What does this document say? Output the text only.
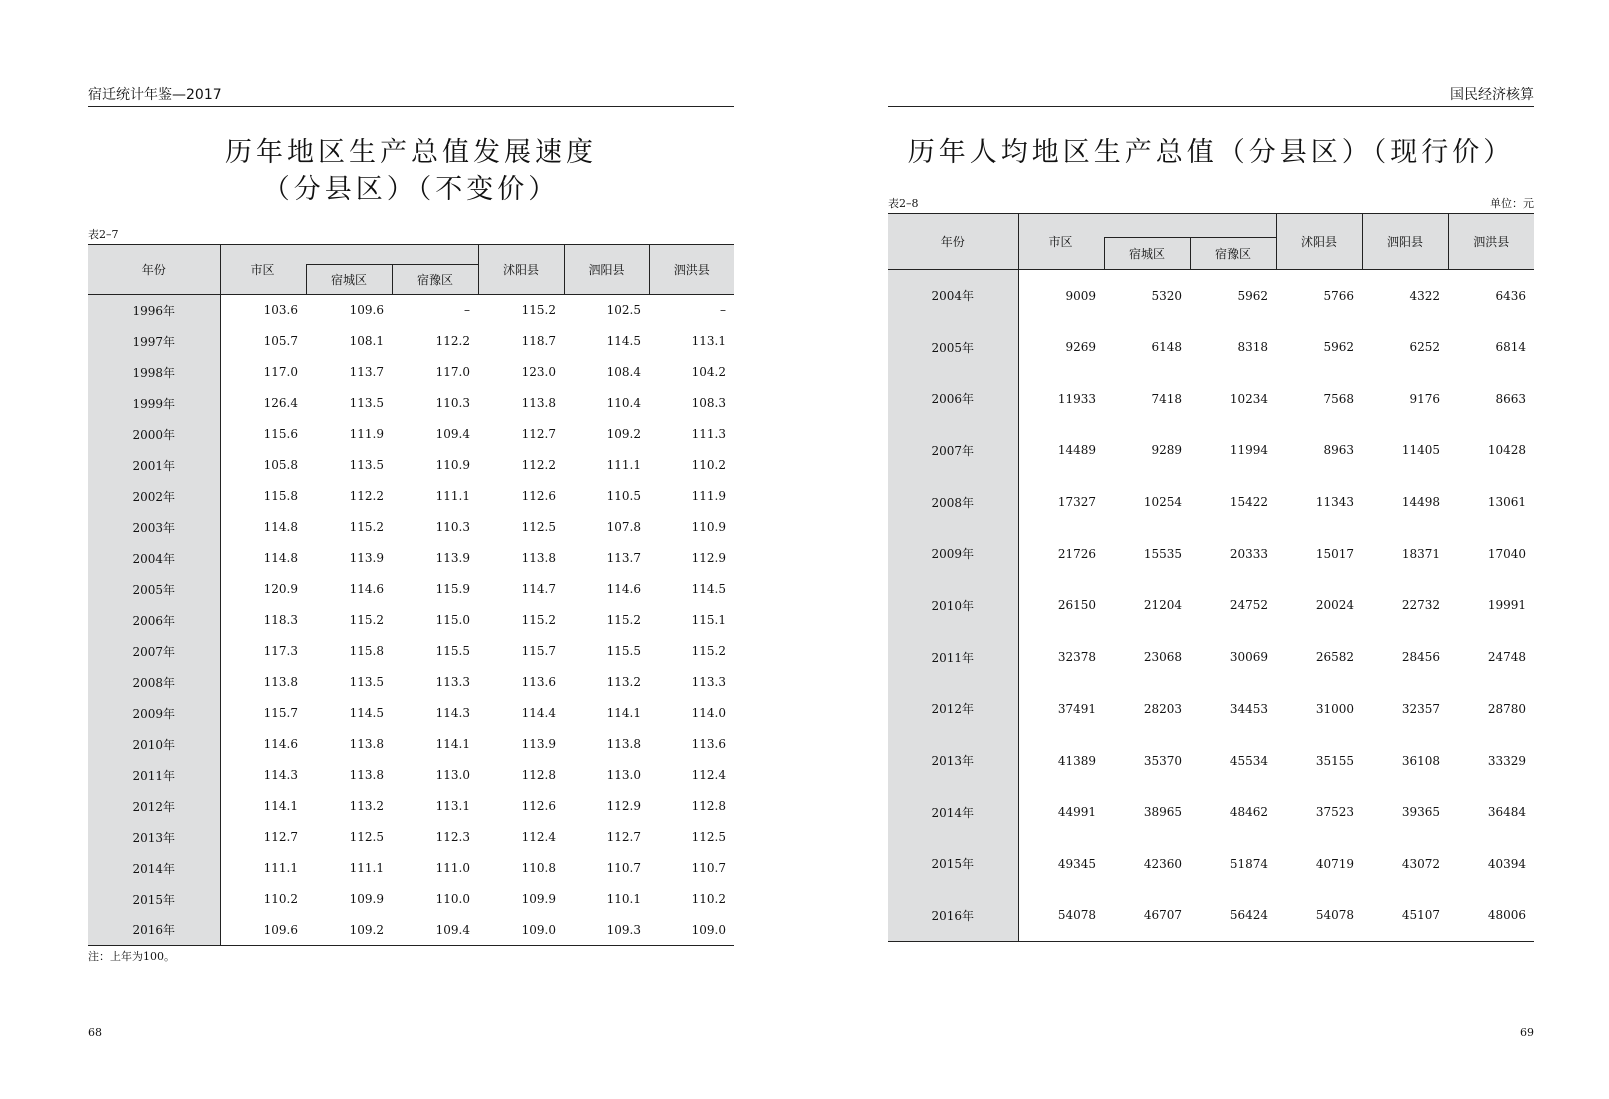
宿迁统计年鉴—2017
历年地区生产总值发展速度
（分县区）（不变价）
表2–7
年份	市区			沭阳县	泗阳县	泗洪县
		宿城区	宿豫区			
1996年	103.6	109.6	–	115.2	102.5	–
1997年	105.7	108.1	112.2	118.7	114.5	113.1
1998年	117.0	113.7	117.0	123.0	108.4	104.2
1999年	126.4	113.5	110.3	113.8	110.4	108.3
2000年	115.6	111.9	109.4	112.7	109.2	111.3
2001年	105.8	113.5	110.9	112.2	111.1	110.2
2002年	115.8	112.2	111.1	112.6	110.5	111.9
2003年	114.8	115.2	110.3	112.5	107.8	110.9
2004年	114.8	113.9	113.9	113.8	113.7	112.9
2005年	120.9	114.6	115.9	114.7	114.6	114.5
2006年	118.3	115.2	115.0	115.2	115.2	115.1
2007年	117.3	115.8	115.5	115.7	115.5	115.2
2008年	113.8	113.5	113.3	113.6	113.2	113.3
2009年	115.7	114.5	114.3	114.4	114.1	114.0
2010年	114.6	113.8	114.1	113.9	113.8	113.6
2011年	114.3	113.8	113.0	112.8	113.0	112.4
2012年	114.1	113.2	113.1	112.6	112.9	112.8
2013年	112.7	112.5	112.3	112.4	112.7	112.5
2014年	111.1	111.1	111.0	110.8	110.7	110.7
2015年	110.2	109.9	110.0	109.9	110.1	110.2
2016年	109.6	109.2	109.4	109.0	109.3	109.0
注：上年为100。
68
国民经济核算
历年人均地区生产总值（分县区）（现行价）
表2–8	单位：元
年份	市区			沭阳县	泗阳县	泗洪县
		宿城区	宿豫区			
2004年	9009	5320	5962	5766	4322	6436
2005年	9269	6148	8318	5962	6252	6814
2006年	11933	7418	10234	7568	9176	8663
2007年	14489	9289	11994	8963	11405	10428
2008年	17327	10254	15422	11343	14498	13061
2009年	21726	15535	20333	15017	18371	17040
2010年	26150	21204	24752	20024	22732	19991
2011年	32378	23068	30069	26582	28456	24748
2012年	37491	28203	34453	31000	32357	28780
2013年	41389	35370	45534	35155	36108	33329
2014年	44991	38965	48462	37523	39365	36484
2015年	49345	42360	51874	40719	43072	40394
2016年	54078	46707	56424	54078	45107	48006
69
